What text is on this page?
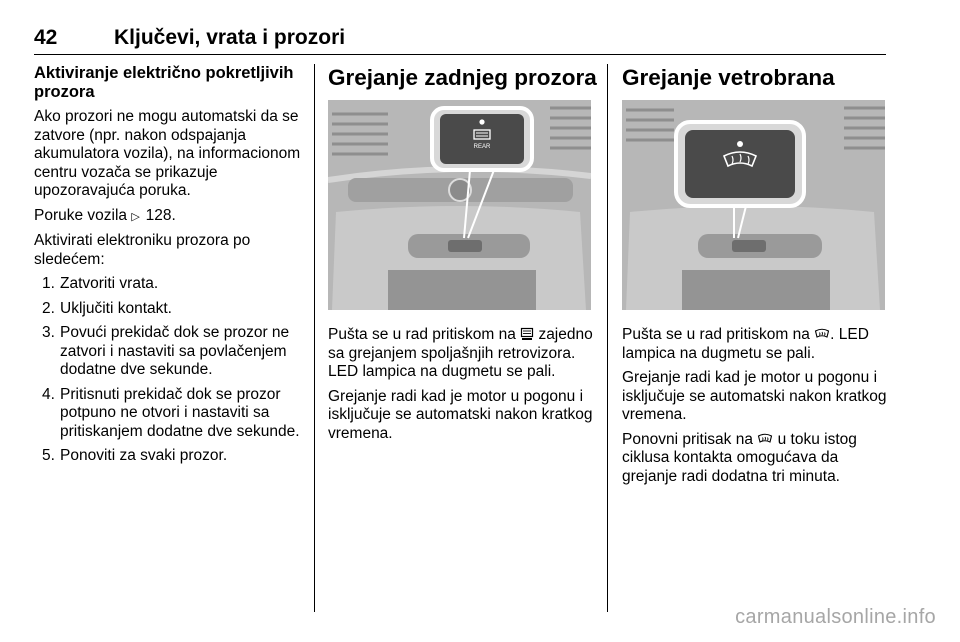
42	Ključevi, vrata i prozori
Aktiviranje električno pokretljivih prozora

Ako prozori ne mogu automatski da se zatvore (npr. nakon odspajanja akumulatora vozila), na informacionom centru vozača se prikazuje upozoravajuća poruka.

Poruke vozila ▷ 128.

Aktivirati elektroniku prozora po sledećem:

1. Zatvoriti vrata.
2. Uključiti kontakt.
3. Povući prekidač dok se prozor ne zatvori i nastaviti sa povlačenjem dodatne dve sekunde.
4. Pritisnuti prekidač dok se prozor potpuno ne otvori i nastaviti sa pritiskanjem dodatne dve sekunde.
5. Ponoviti za svaki prozor.
Grejanje zadnjeg prozora
REAR

Pušta se u rad pritiskom na zajedno sa grejanjem spoljašnjih retrovizora. LED lampica na dugmetu se pali.

Grejanje radi kad je motor u pogonu i isključuje se automatski nakon kratkog vremena.

Grejanje vetrobrana

Pušta se u rad pritiskom na . LED lampica na dugmetu se pali.

Grejanje radi kad je motor u pogonu i isključuje se automatski nakon kratkog vremena.

Ponovni pritisak na u toku istog ciklusa kontakta omogućava da grejanje radi dodatna tri minuta.

carmanualsonline.info
